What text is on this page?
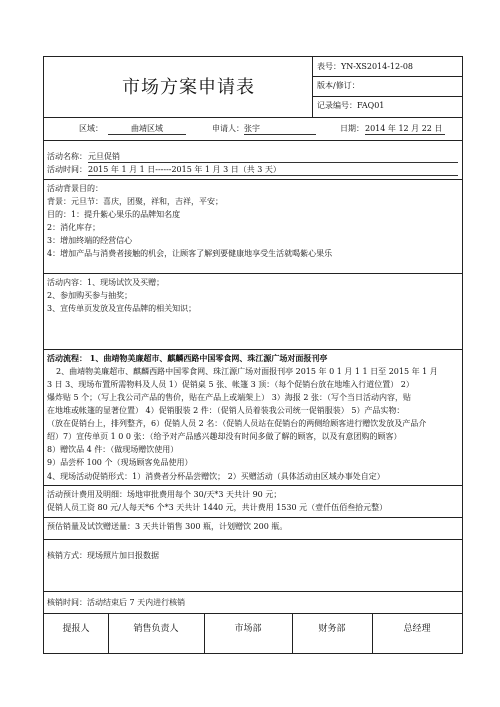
市场方案申请表
表号：YN-XS2014-12-08
版本/修订：
记录编号：FAQ01
区域：	曲靖区域	申请人： 张宇	日期： 2014 年 12 月 22 日
活动名称： 元旦促销
活动时间： 2015 年 1 月 1 日------2015 年 1 月 3 日（共 3 天）
活动背景目的：
背景：元旦节：喜庆，团聚，祥和，吉祥，平安；
目的：1：提升紫心果乐的品牌知名度
2：消化库存；
3：增加终端的经营信心
4：增加产品与消费者接触的机会，让顾客了解到要健康地享受生活就喝紫心果乐
活动内容：1、现场试饮及买赠；
2、参加购买参与抽奖；
3、宣传单页发放及宣传品牌的相关知识；
活动流程： 1、曲靖物美廉超市、麒麟西路中国零食网、珠江源广场对面报刊亭
2、曲靖物美廉超市、麒麟西路中国零食网、珠江源广场对面报刊亭 2015 年 0 1 月 1 1 日至 2015 年 1 月
3 日 3、现场布置所需物料及人员 1）促销桌 5 张、帐篷 3 顶：（每个促销台放在地堆入行道位置） 2）
爆炸贴 5 个；（写上我公司产品的售价，贴在产品上或端架上） 3）海报 2 张：（写个当日活动内容，贴
在地堆或帐篷的显著位置） 4）促销服装 2 件：（促销人员着装我公司统一促销服装） 5）产品实物：
（放在促销台上，排列整齐，6）促销人员 2 名：（促销人员站在促销台的两侧给顾客进行赠饮发放及产品介
绍）7）宣传单页 1 0 0 张：（给予对产品感兴趣却没有时间多做了解的顾客，以及有意团购的顾客）
8）赠饮品 4 件：（做现场赠饮使用）
9）品尝杯 100 个（现场顾客免品使用）
4、现场活动促销形式：1）消费者分杯品尝赠饮； 2）买赠活动（具体活动由区域办事处自定）
活动预计费用及明细：场地审批费用每个 30/天*3 天共计 90 元；
促销人员工资 80 元/人每天*6 个*3 天共计 1440 元，共计费用 1530 元（壹仟伍佰叁拾元整）
预估销量及试饮赠送量：3 天共计销售 300 瓶，计划赠饮 200 瓶。
核销方式：现场照片加日报数据
核销时间：活动结束后 7 天内进行核销
提报人	销售负责人	市场部	财务部	总经理
